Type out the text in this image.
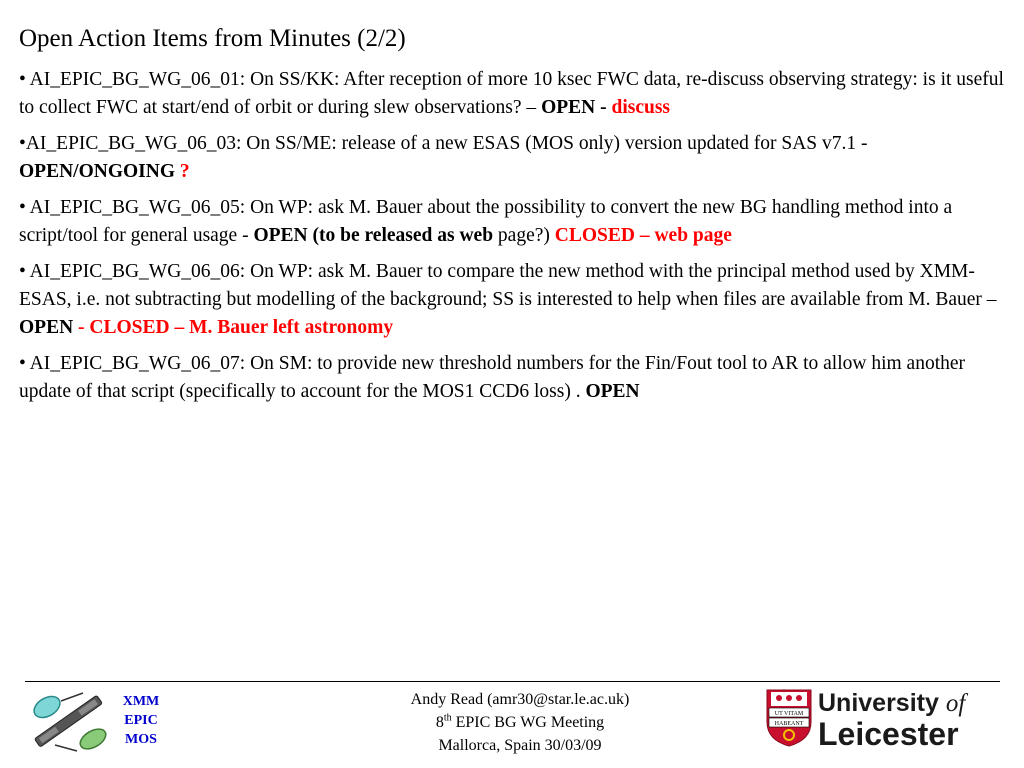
Open Action Items from Minutes (2/2)

• AI_EPIC_BG_WG_06_01: On SS/KK: After reception of more 10 ksec FWC data, re-discuss observing strategy: is it useful to collect FWC at start/end of orbit or during slew observations? – OPEN - discuss

•AI_EPIC_BG_WG_06_03: On SS/ME: release of a new ESAS (MOS only) version updated for SAS v7.1 - OPEN/ONGOING ?

• AI_EPIC_BG_WG_06_05: On WP: ask M. Bauer about the possibility to convert the new BG handling method into a script/tool for general usage - OPEN (to be released as web page?) CLOSED – web page

• AI_EPIC_BG_WG_06_06: On WP: ask M. Bauer to compare the new method with the principal method used by XMM-ESAS, i.e. not subtracting but modelling of the background; SS is interested to help when files are available from M. Bauer – OPEN - CLOSED – M. Bauer left astronomy

• AI_EPIC_BG_WG_06_07: On SM: to provide new threshold numbers for the Fin/Fout tool to AR to allow him another update of that script (specifically to account for the MOS1 CCD6 loss) . OPEN

XMM
EPIC
MOS
Andy Read (amr30@star.le.ac.uk)
8th EPIC BG WG Meeting
Mallorca, Spain 30/03/09
UT VITAM
HABEANT
University of
Leicester
